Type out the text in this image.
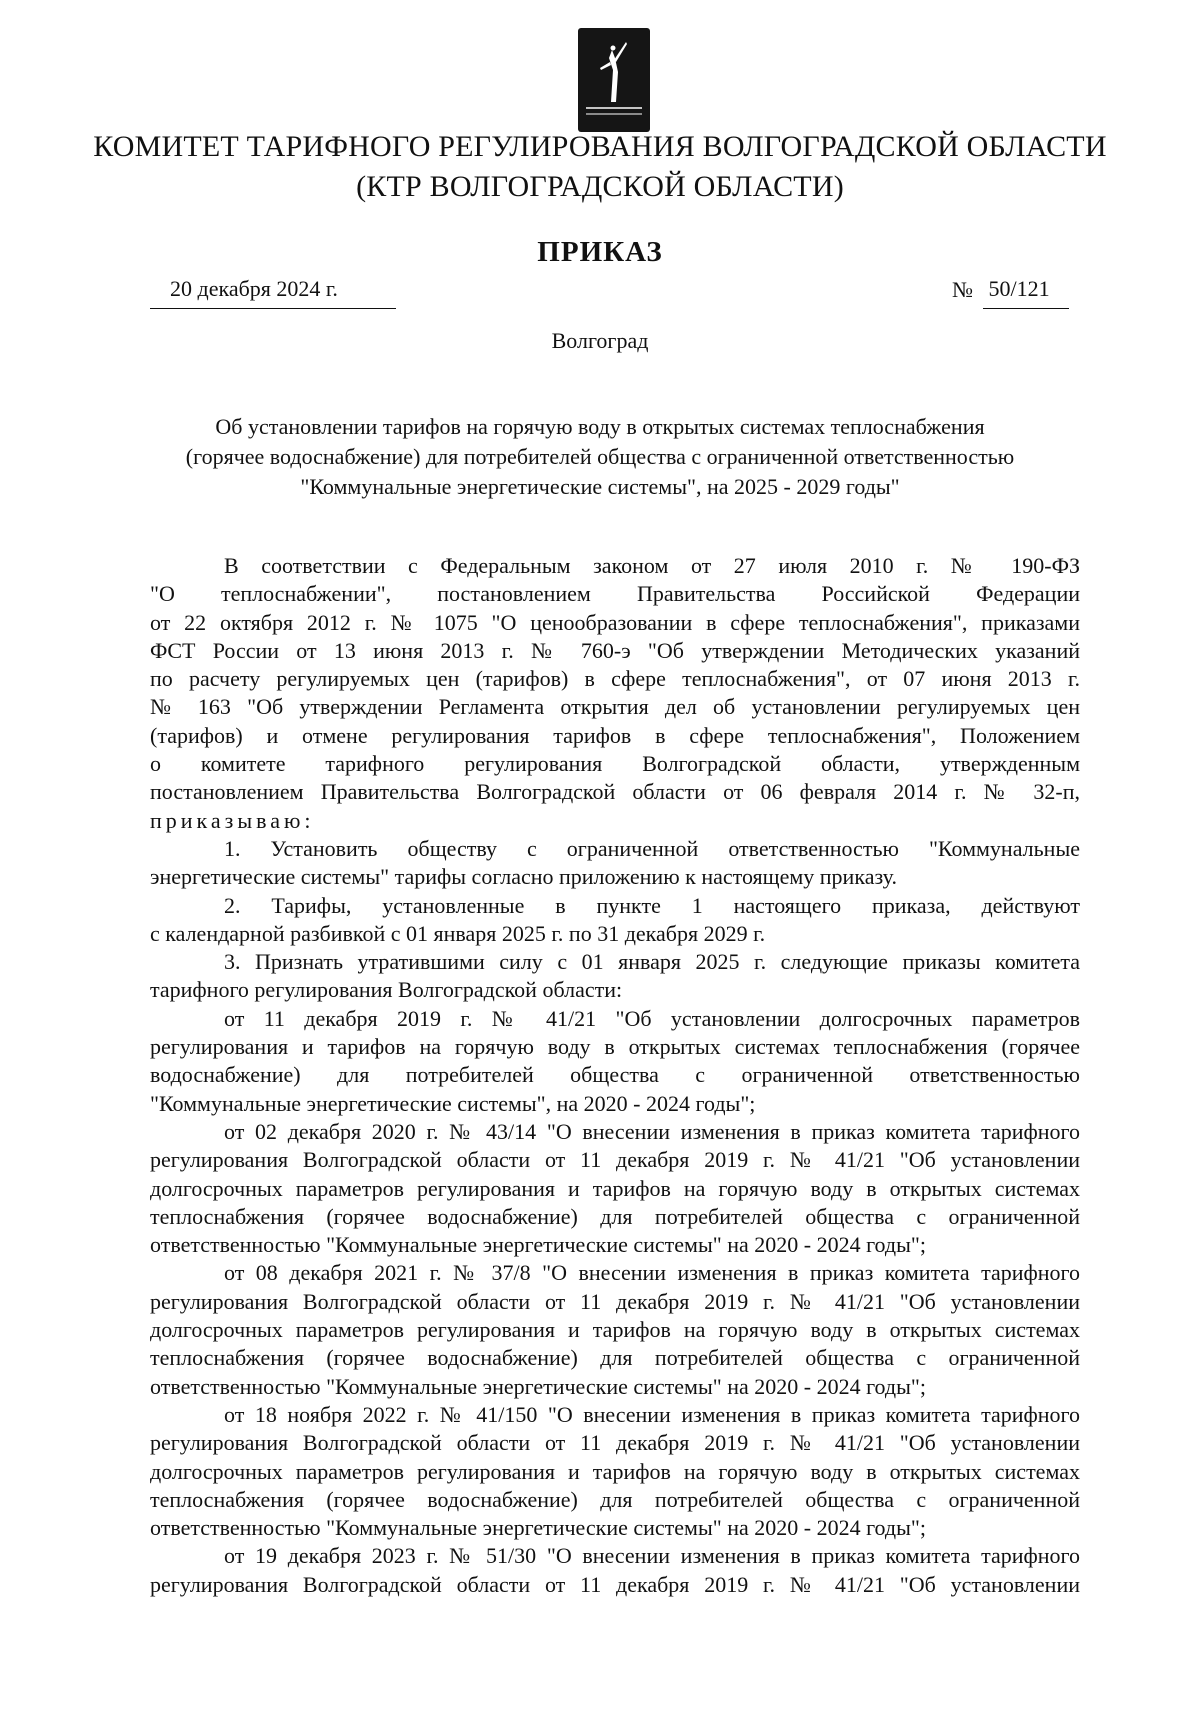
КОМИТЕТ ТАРИФНОГО РЕГУЛИРОВАНИЯ ВОЛГОГРАДСКОЙ ОБЛАСТИ
(КТР ВОЛГОГРАДСКОЙ ОБЛАСТИ)
ПРИКАЗ
20 декабря 2024 г.	№ 50/121
Волгоград
Об установлении тарифов на горячую воду в открытых системах теплоснабжения
(горячее водоснабжение) для потребителей общества с ограниченной ответственностью
"Коммунальные энергетические системы", на 2025 - 2029 годы"
В соответствии с Федеральным законом от 27 июля 2010 г. № 190-ФЗ
"О теплоснабжении", постановлением Правительства Российской Федерации
от 22 октября 2012 г. № 1075 "О ценообразовании в сфере теплоснабжения", приказами
ФСТ России от 13 июня 2013 г. № 760-э "Об утверждении Методических указаний
по расчету регулируемых цен (тарифов) в сфере теплоснабжения", от 07 июня 2013 г.
№ 163 "Об утверждении Регламента открытия дел об установлении регулируемых цен
(тарифов) и отмене регулирования тарифов в сфере теплоснабжения", Положением
о комитете тарифного регулирования Волгоградской области, утвержденным
постановлением Правительства Волгоградской области от 06 февраля 2014 г. № 32-п,
приказываю:
1. Установить обществу с ограниченной ответственностью "Коммунальные
энергетические системы" тарифы согласно приложению к настоящему приказу.
2. Тарифы, установленные в пункте 1 настоящего приказа, действуют
с календарной разбивкой с 01 января 2025 г. по 31 декабря 2029 г.
3. Признать утратившими силу с 01 января 2025 г. следующие приказы комитета
тарифного регулирования Волгоградской области:
от 11 декабря 2019 г. № 41/21 "Об установлении долгосрочных параметров
регулирования и тарифов на горячую воду в открытых системах теплоснабжения (горячее
водоснабжение) для потребителей общества с ограниченной ответственностью
"Коммунальные энергетические системы", на 2020 - 2024 годы";
от 02 декабря 2020 г. № 43/14 "О внесении изменения в приказ комитета тарифного
регулирования Волгоградской области от 11 декабря 2019 г. № 41/21 "Об установлении
долгосрочных параметров регулирования и тарифов на горячую воду в открытых системах
теплоснабжения (горячее водоснабжение) для потребителей общества с ограниченной
ответственностью "Коммунальные энергетические системы" на 2020 - 2024 годы";
от 08 декабря 2021 г. № 37/8 "О внесении изменения в приказ комитета тарифного
регулирования Волгоградской области от 11 декабря 2019 г. № 41/21 "Об установлении
долгосрочных параметров регулирования и тарифов на горячую воду в открытых системах
теплоснабжения (горячее водоснабжение) для потребителей общества с ограниченной
ответственностью "Коммунальные энергетические системы" на 2020 - 2024 годы";
от 18 ноября 2022 г. № 41/150 "О внесении изменения в приказ комитета тарифного
регулирования Волгоградской области от 11 декабря 2019 г. № 41/21 "Об установлении
долгосрочных параметров регулирования и тарифов на горячую воду в открытых системах
теплоснабжения (горячее водоснабжение) для потребителей общества с ограниченной
ответственностью "Коммунальные энергетические системы" на 2020 - 2024 годы";
от 19 декабря 2023 г. № 51/30 "О внесении изменения в приказ комитета тарифного
регулирования Волгоградской области от 11 декабря 2019 г. № 41/21 "Об установлении
